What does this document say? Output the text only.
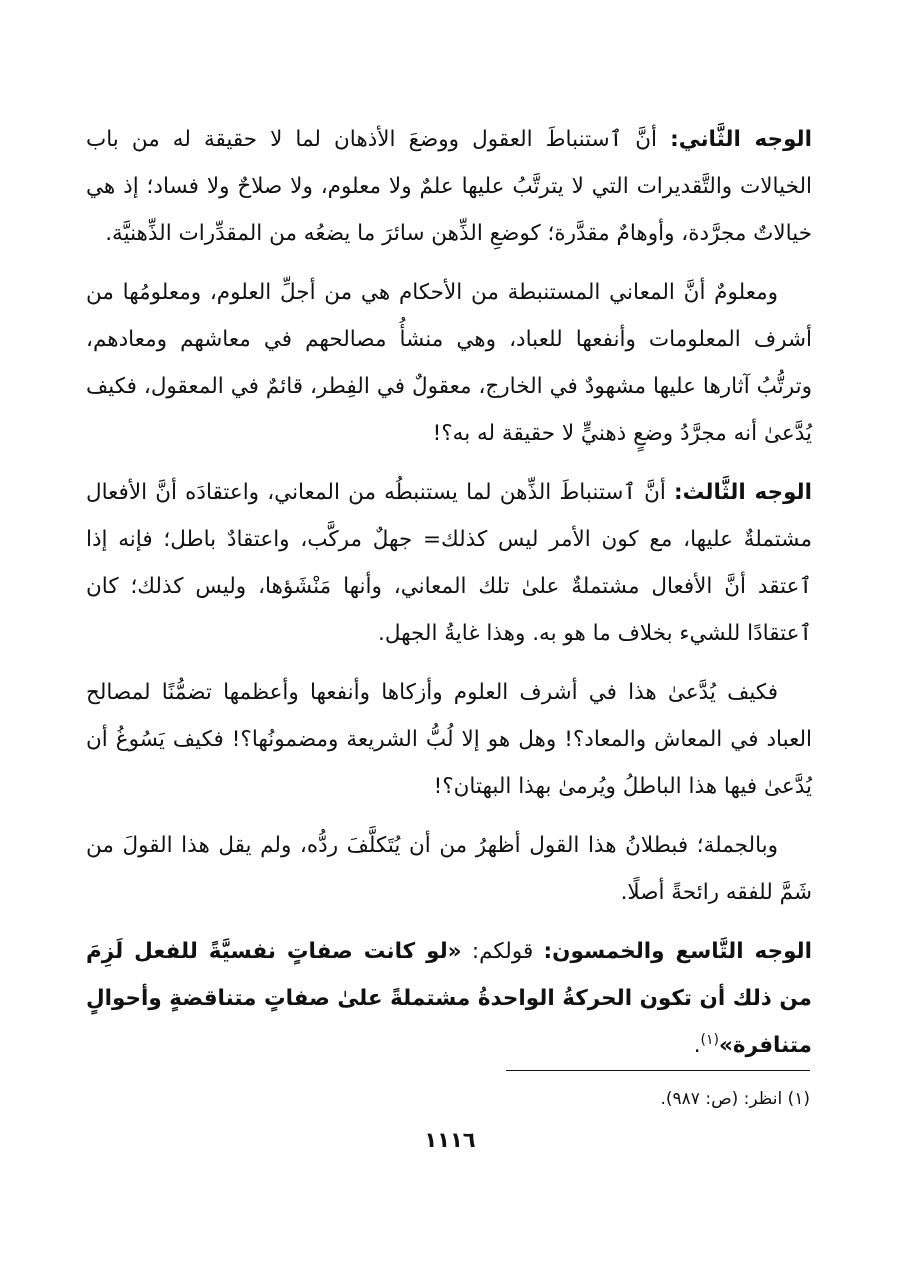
الوجه الثَّاني: أنَّ ٱستنباطَ العقول ووضعَ الأذهان لما لا حقيقة له من باب الخيالات والتَّقديرات التي لا يترتَّبُ عليها علمٌ ولا معلوم، ولا صلاحٌ ولا فساد؛ إذ هي خيالاتٌ مجرَّدة، وأوهامٌ مقدَّرة؛ كوضعِ الذِّهن سائرَ ما يضعُه من المقدِّرات الذِّهنيَّة.

ومعلومٌ أنَّ المعاني المستنبطة من الأحكام هي من أجلِّ العلوم، ومعلومُها من أشرف المعلومات وأنفعها للعباد، وهي منشأُ مصالحهم في معاشهم ومعادهم، وترتُّبُ آثارها عليها مشهودٌ في الخارج، معقولٌ في الفِطر، قائمٌ في المعقول، فكيف يُدَّعىٰ أنه مجرَّدُ وضعٍ ذهنيٍّ لا حقيقة له به؟!

الوجه الثَّالث: أنَّ ٱستنباطَ الذِّهن لما يستنبطُه من المعاني، واعتقادَه أنَّ الأفعال مشتملةٌ عليها، مع كون الأمر ليس كذلك= جهلٌ مركَّب، واعتقادٌ باطل؛ فإنه إذا ٱعتقد أنَّ الأفعال مشتملةٌ علىٰ تلك المعاني، وأنها مَنْشَؤها، وليس كذلك؛ كان ٱعتقادًا للشيء بخلاف ما هو به. وهذا غايةُ الجهل.

فكيف يُدَّعىٰ هذا في أشرف العلوم وأزكاها وأنفعها وأعظمها تضمُّنًا لمصالح العباد في المعاش والمعاد؟! وهل هو إلا لُبُّ الشريعة ومضمونُها؟! فكيف يَسُوغُ أن يُدَّعىٰ فيها هذا الباطلُ ويُرمىٰ بهذا البهتان؟!

وبالجملة؛ فبطلانُ هذا القول أظهرُ من أن يُتَكلَّفَ ردُّه، ولم يقل هذا القولَ من شَمَّ للفقه رائحةً أصلًا.

الوجه التَّاسع والخمسون: قولكم: «لو كانت صفاتٍ نفسيَّةً للفعل لَزِمَ من ذلك أن تكون الحركةُ الواحدةُ مشتملةً علىٰ صفاتٍ متناقضةٍ وأحوالٍ متنافرة»$^{(١)}$.

(١) انظر: (ص: ٩٨٧).
١١١٦
